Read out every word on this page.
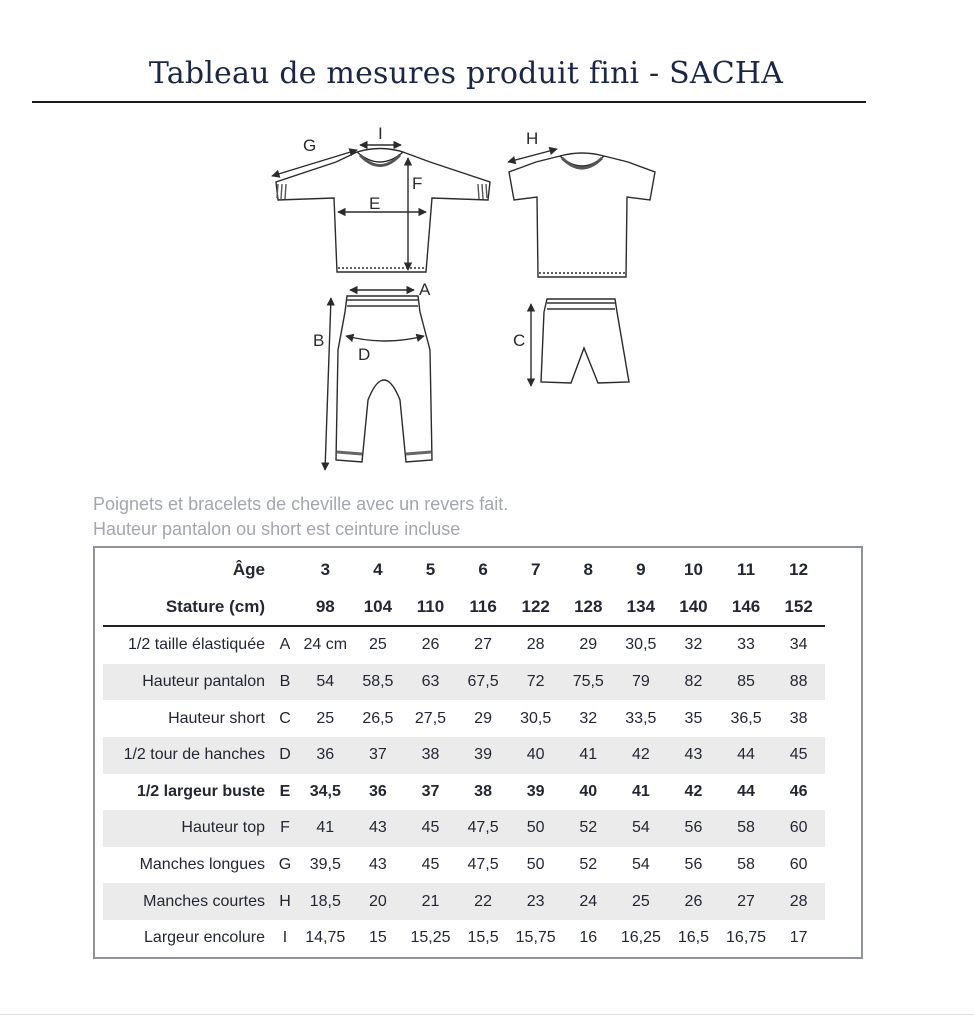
Tableau de mesures produit fini - SACHA
G
I
F
E
H
A
B
D
C
Poignets et bracelets de cheville avec un revers fait.
Hauteur pantalon ou short est ceinture incluse
Âge		3	4	5	6	7	8	9	10	11	12
Stature (cm)		98	104	110	116	122	128	134	140	146	152
1/2 taille élastiquée	A	24 cm	25	26	27	28	29	30,5	32	33	34
Hauteur pantalon	B	54	58,5	63	67,5	72	75,5	79	82	85	88
Hauteur short	C	25	26,5	27,5	29	30,5	32	33,5	35	36,5	38
1/2 tour de hanches	D	36	37	38	39	40	41	42	43	44	45
1/2 largeur buste	E	34,5	36	37	38	39	40	41	42	44	46
Hauteur top	F	41	43	45	47,5	50	52	54	56	58	60
Manches longues	G	39,5	43	45	47,5	50	52	54	56	58	60
Manches courtes	H	18,5	20	21	22	23	24	25	26	27	28
Largeur encolure	I	14,75	15	15,25	15,5	15,75	16	16,25	16,5	16,75	17
